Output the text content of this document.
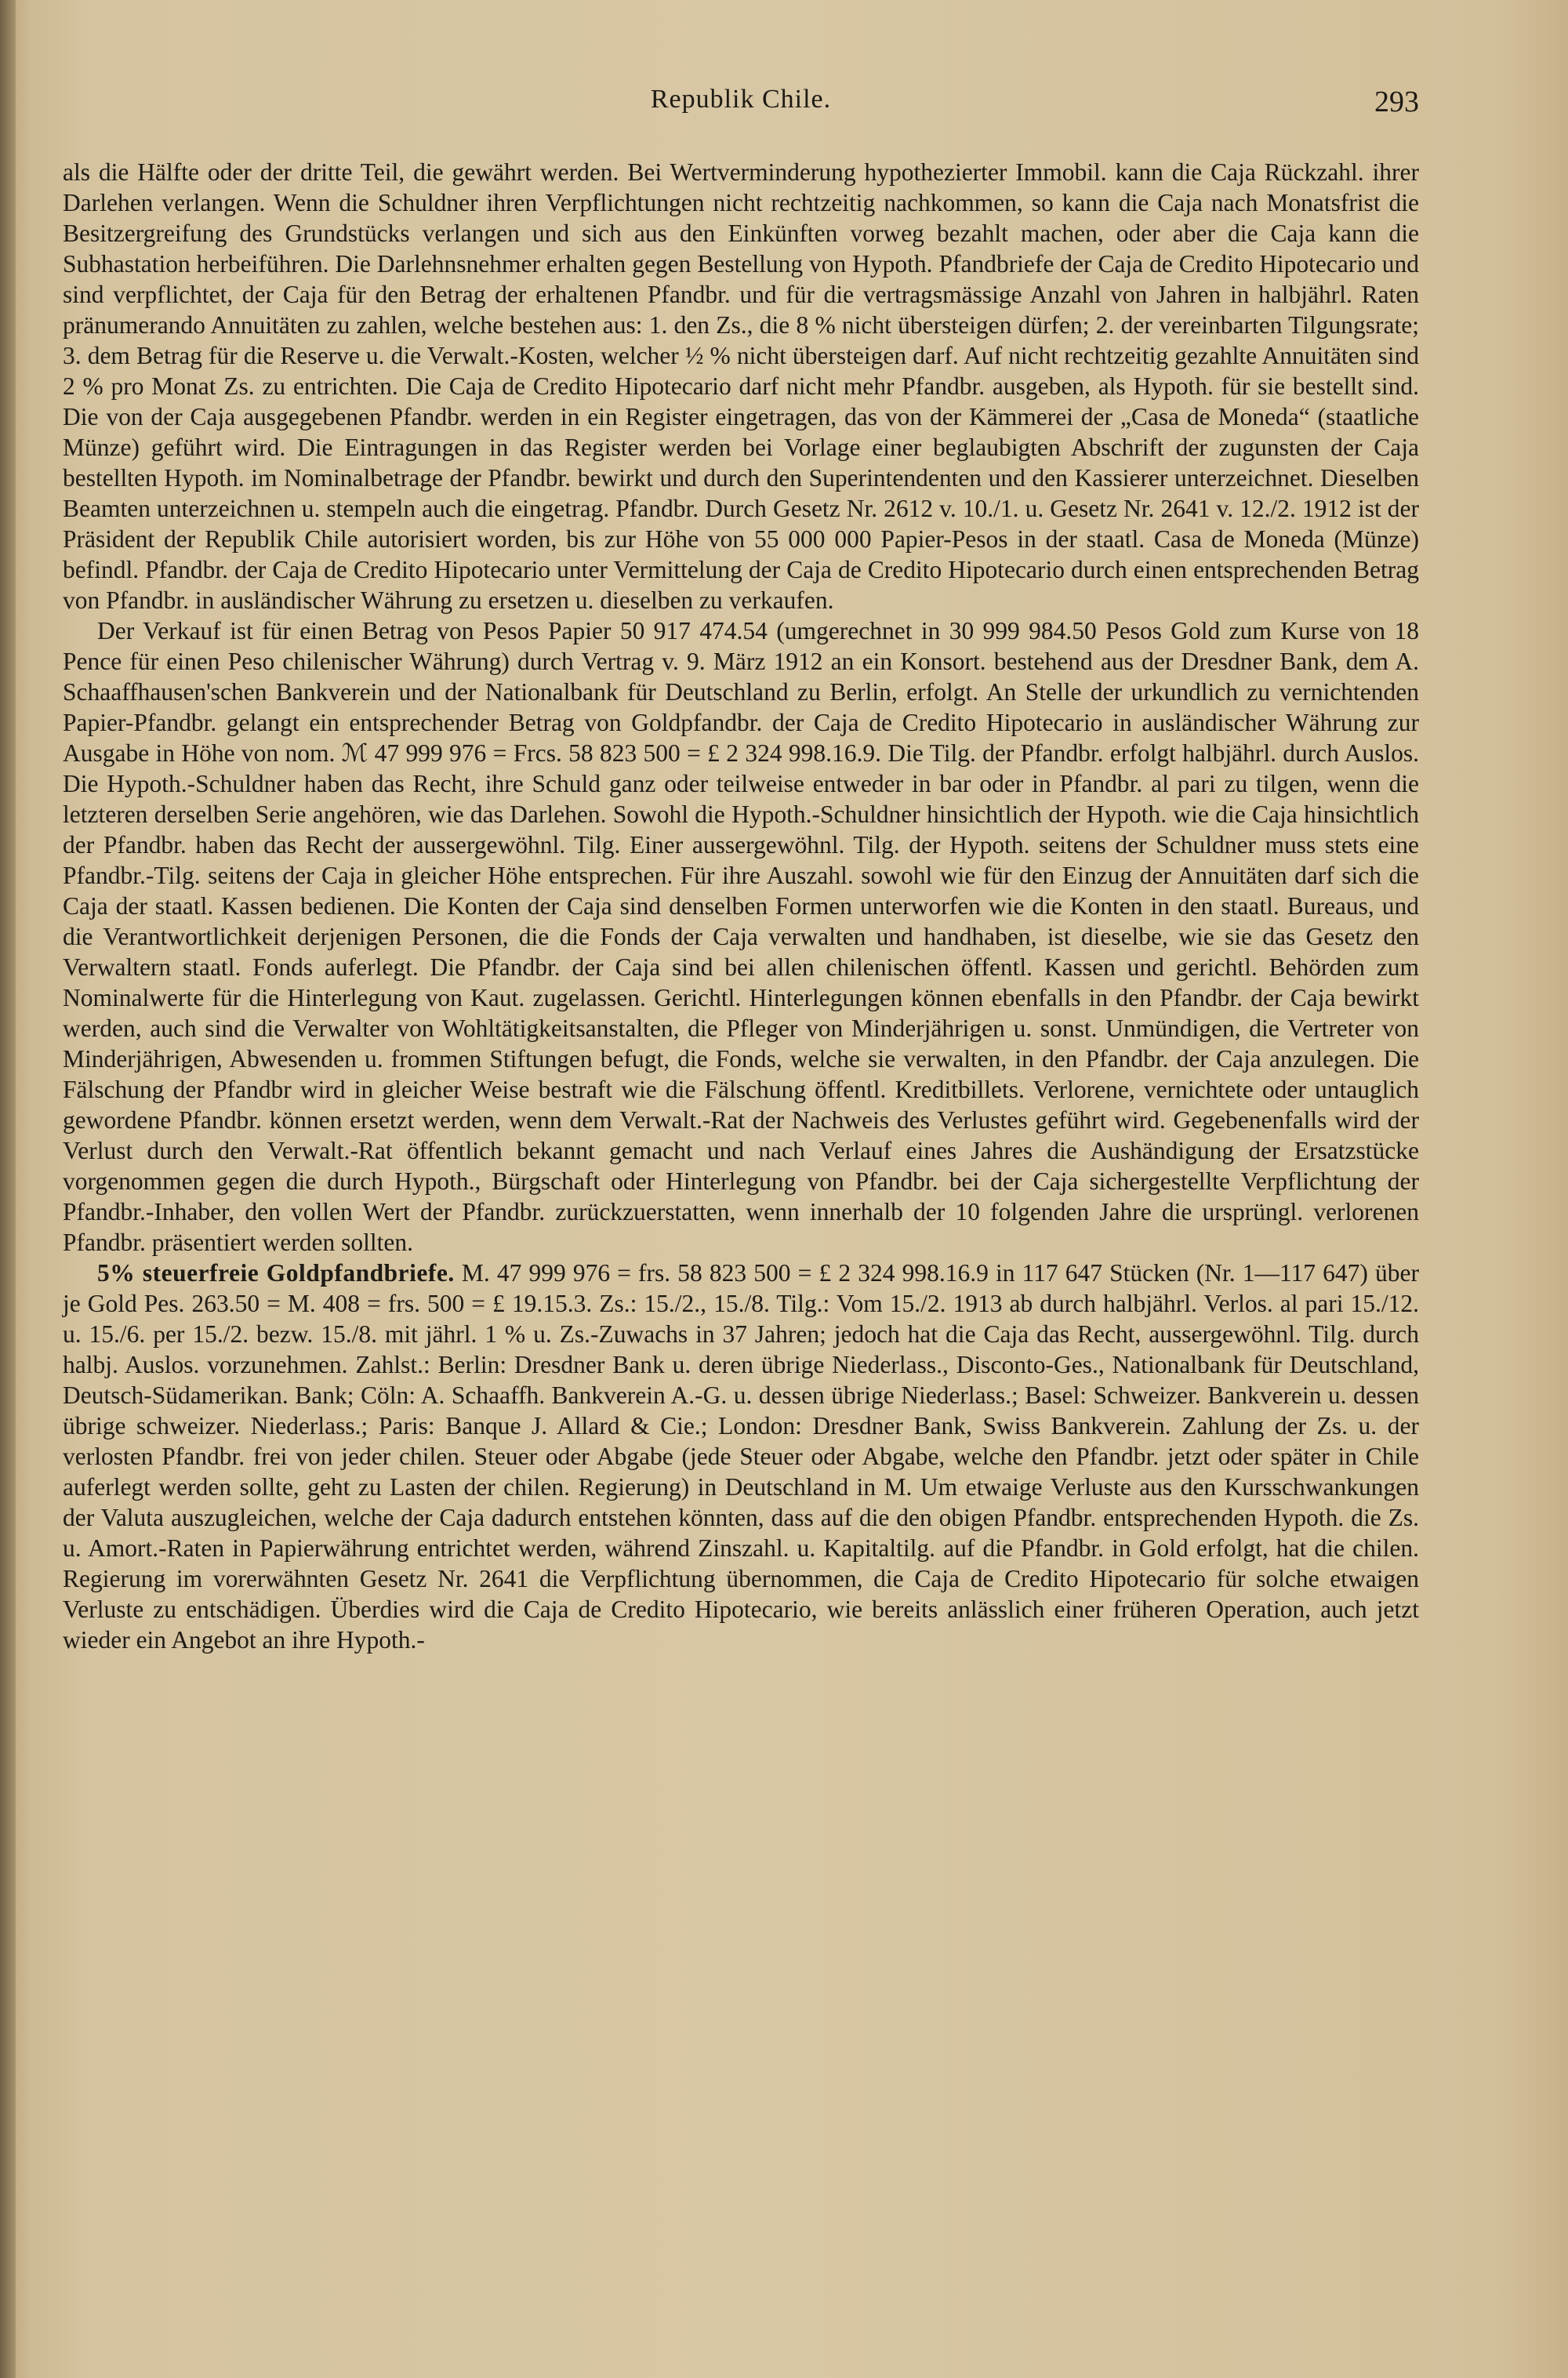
Republik Chile.	293

als die Hälfte oder der dritte Teil, die gewährt werden. Bei Wertverminderung hypothezierter Immobil. kann die Caja Rückzahl. ihrer Darlehen verlangen. Wenn die Schuldner ihren Verpflichtungen nicht rechtzeitig nachkommen, so kann die Caja nach Monatsfrist die Besitzergreifung des Grundstücks verlangen und sich aus den Einkünften vorweg bezahlt machen, oder aber die Caja kann die Subhastation herbeiführen. Die Darlehnsnehmer erhalten gegen Bestellung von Hypoth. Pfandbriefe der Caja de Credito Hipotecario und sind verpflichtet, der Caja für den Betrag der erhaltenen Pfandbr. und für die vertragsmässige Anzahl von Jahren in halbjährl. Raten pränumerando Annuitäten zu zahlen, welche bestehen aus: 1. den Zs., die 8 % nicht übersteigen dürfen; 2. der vereinbarten Tilgungsrate; 3. dem Betrag für die Reserve u. die Verwalt.-Kosten, welcher ½ % nicht übersteigen darf. Auf nicht rechtzeitig gezahlte Annuitäten sind 2 % pro Monat Zs. zu entrichten. Die Caja de Credito Hipotecario darf nicht mehr Pfandbr. ausgeben, als Hypoth. für sie bestellt sind. Die von der Caja ausgegebenen Pfandbr. werden in ein Register eingetragen, das von der Kämmerei der „Casa de Moneda“ (staatliche Münze) geführt wird. Die Eintragungen in das Register werden bei Vorlage einer beglaubigten Abschrift der zugunsten der Caja bestellten Hypoth. im Nominalbetrage der Pfandbr. bewirkt und durch den Superintendenten und den Kassierer unterzeichnet. Dieselben Beamten unterzeichnen u. stempeln auch die eingetrag. Pfandbr. Durch Gesetz Nr. 2612 v. 10./1. u. Gesetz Nr. 2641 v. 12./2. 1912 ist der Präsident der Republik Chile autorisiert worden, bis zur Höhe von 55 000 000 Papier-Pesos in der staatl. Casa de Moneda (Münze) befindl. Pfandbr. der Caja de Credito Hipotecario unter Vermittelung der Caja de Credito Hipotecario durch einen entsprechenden Betrag von Pfandbr. in ausländischer Währung zu ersetzen u. dieselben zu verkaufen.

Der Verkauf ist für einen Betrag von Pesos Papier 50 917 474.54 (umgerechnet in 30 999 984.50 Pesos Gold zum Kurse von 18 Pence für einen Peso chilenischer Währung) durch Vertrag v. 9. März 1912 an ein Konsort. bestehend aus der Dresdner Bank, dem A. Schaaffhausen'schen Bankverein und der Nationalbank für Deutschland zu Berlin, erfolgt. An Stelle der urkundlich zu vernichtenden Papier-Pfandbr. gelangt ein entsprechender Betrag von Goldpfandbr. der Caja de Credito Hipotecario in ausländischer Währung zur Ausgabe in Höhe von nom. ℳ 47 999 976 = Frcs. 58 823 500 = £ 2 324 998.16.9. Die Tilg. der Pfandbr. erfolgt halbjährl. durch Auslos. Die Hypoth.-Schuldner haben das Recht, ihre Schuld ganz oder teilweise entweder in bar oder in Pfandbr. al pari zu tilgen, wenn die letzteren derselben Serie angehören, wie das Darlehen. Sowohl die Hypoth.-Schuldner hinsichtlich der Hypoth. wie die Caja hinsichtlich der Pfandbr. haben das Recht der aussergewöhnl. Tilg. Einer aussergewöhnl. Tilg. der Hypoth. seitens der Schuldner muss stets eine Pfandbr.-Tilg. seitens der Caja in gleicher Höhe entsprechen. Für ihre Auszahl. sowohl wie für den Einzug der Annuitäten darf sich die Caja der staatl. Kassen bedienen. Die Konten der Caja sind denselben Formen unterworfen wie die Konten in den staatl. Bureaus, und die Verantwortlichkeit derjenigen Personen, die die Fonds der Caja verwalten und handhaben, ist dieselbe, wie sie das Gesetz den Verwaltern staatl. Fonds auferlegt. Die Pfandbr. der Caja sind bei allen chilenischen öffentl. Kassen und gerichtl. Behörden zum Nominalwerte für die Hinterlegung von Kaut. zugelassen. Gerichtl. Hinterlegungen können ebenfalls in den Pfandbr. der Caja bewirkt werden, auch sind die Verwalter von Wohltätigkeitsanstalten, die Pfleger von Minderjährigen u. sonst. Unmündigen, die Vertreter von Minderjährigen, Abwesenden u. frommen Stiftungen befugt, die Fonds, welche sie verwalten, in den Pfandbr. der Caja anzulegen. Die Fälschung der Pfandbr wird in gleicher Weise bestraft wie die Fälschung öffentl. Kreditbillets. Verlorene, vernichtete oder untauglich gewordene Pfandbr. können ersetzt werden, wenn dem Verwalt.-Rat der Nachweis des Verlustes geführt wird. Gegebenenfalls wird der Verlust durch den Verwalt.-Rat öffentlich bekannt gemacht und nach Verlauf eines Jahres die Aushändigung der Ersatzstücke vorgenommen gegen die durch Hypoth., Bürgschaft oder Hinterlegung von Pfandbr. bei der Caja sichergestellte Verpflichtung der Pfandbr.-Inhaber, den vollen Wert der Pfandbr. zurückzuerstatten, wenn innerhalb der 10 folgenden Jahre die ursprüngl. verlorenen Pfandbr. präsentiert werden sollten.

5% steuerfreie Goldpfandbriefe. M. 47 999 976 = frs. 58 823 500 = £ 2 324 998.16.9 in 117 647 Stücken (Nr. 1—117 647) über je Gold Pes. 263.50 = M. 408 = frs. 500 = £ 19.15.3. Zs.: 15./2., 15./8. Tilg.: Vom 15./2. 1913 ab durch halbjährl. Verlos. al pari 15./12. u. 15./6. per 15./2. bezw. 15./8. mit jährl. 1 % u. Zs.-Zuwachs in 37 Jahren; jedoch hat die Caja das Recht, aussergewöhnl. Tilg. durch halbj. Auslos. vorzunehmen. Zahlst.: Berlin: Dresdner Bank u. deren übrige Niederlass., Disconto-Ges., Nationalbank für Deutschland, Deutsch-Südamerikan. Bank; Cöln: A. Schaaffh. Bankverein A.-G. u. dessen übrige Niederlass.; Basel: Schweizer. Bankverein u. dessen übrige schweizer. Niederlass.; Paris: Banque J. Allard & Cie.; London: Dresdner Bank, Swiss Bankverein. Zahlung der Zs. u. der verlosten Pfandbr. frei von jeder chilen. Steuer oder Abgabe (jede Steuer oder Abgabe, welche den Pfandbr. jetzt oder später in Chile auferlegt werden sollte, geht zu Lasten der chilen. Regierung) in Deutschland in M. Um etwaige Verluste aus den Kursschwankungen der Valuta auszugleichen, welche der Caja dadurch entstehen könnten, dass auf die den obigen Pfandbr. entsprechenden Hypoth. die Zs. u. Amort.-Raten in Papierwährung entrichtet werden, während Zinszahl. u. Kapitaltilg. auf die Pfandbr. in Gold erfolgt, hat die chilen. Regierung im vorerwähnten Gesetz Nr. 2641 die Verpflichtung übernommen, die Caja de Credito Hipotecario für solche etwaigen Verluste zu entschädigen. Überdies wird die Caja de Credito Hipotecario, wie bereits anlässlich einer früheren Operation, auch jetzt wieder ein Angebot an ihre Hypoth.-
